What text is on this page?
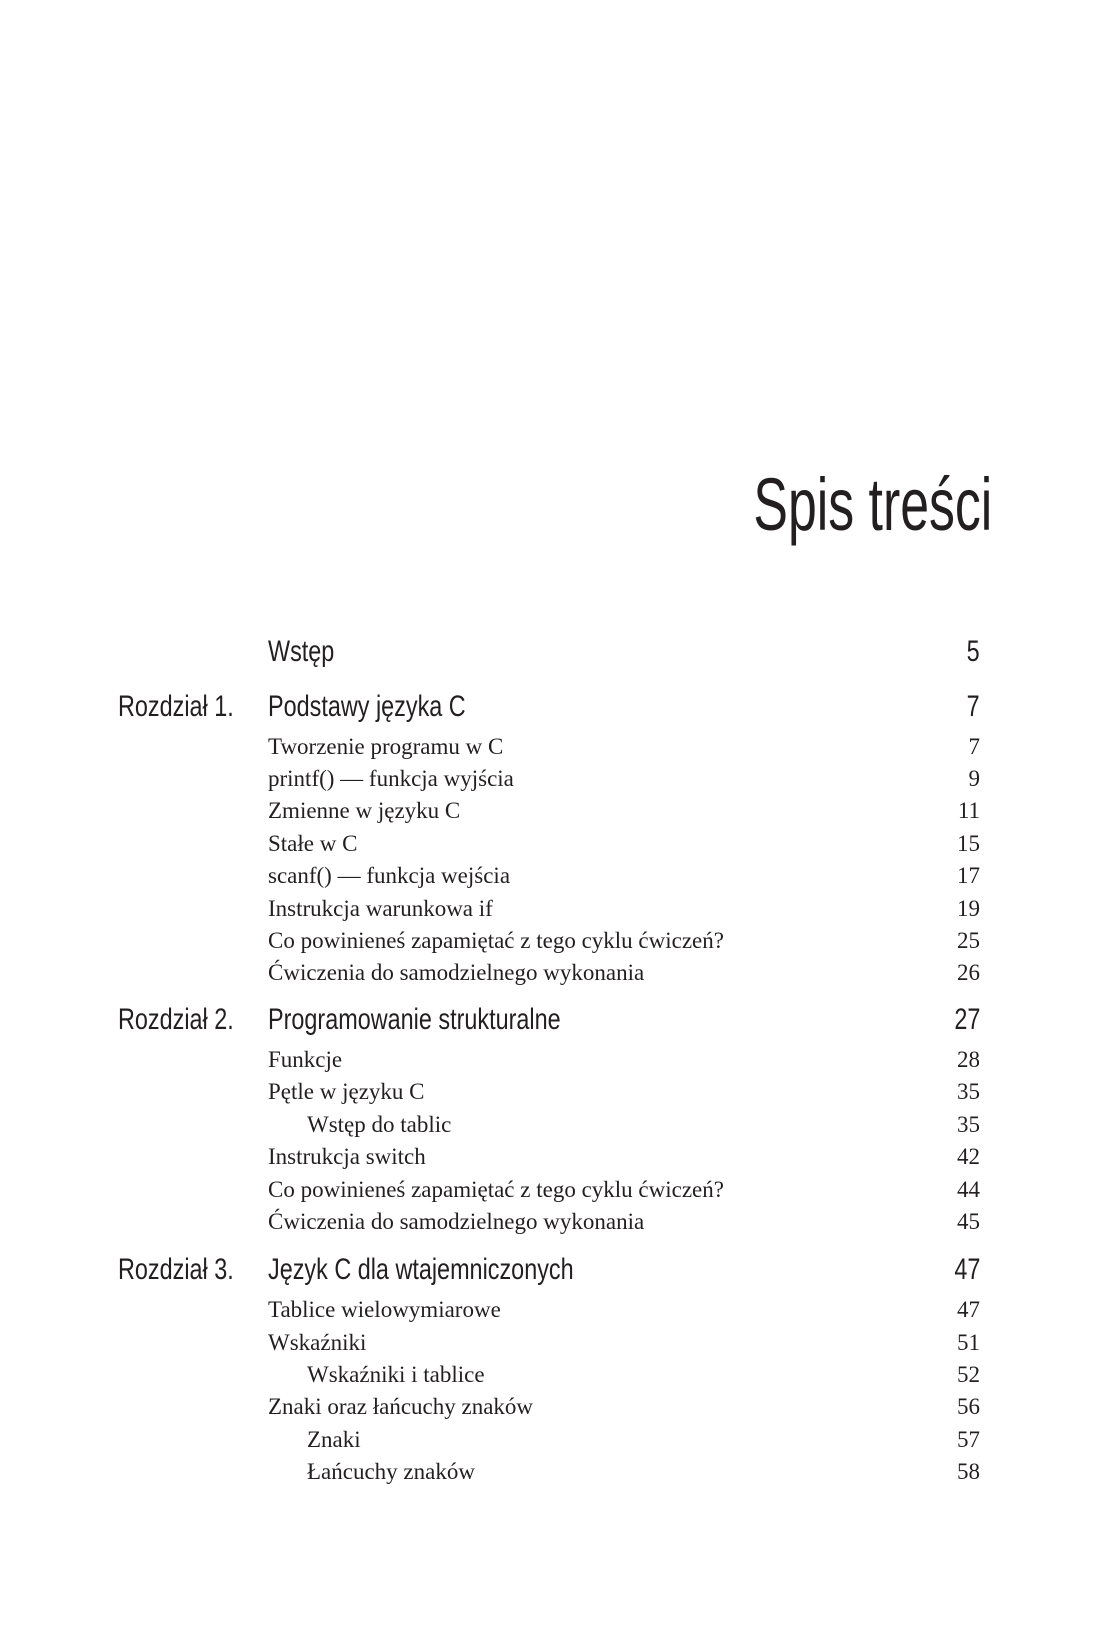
Spis treści
Wstęp	5
Rozdział 1. Podstawy języka C	7
Tworzenie programu w C	7
printf() — funkcja wyjścia	9
Zmienne w języku C	11
Stałe w C	15
scanf() — funkcja wejścia	17
Instrukcja warunkowa if	19
Co powinieneś zapamiętać z tego cyklu ćwiczeń?	25
Ćwiczenia do samodzielnego wykonania	26
Rozdział 2. Programowanie strukturalne	27
Funkcje	28
Pętle w języku C	35
Wstęp do tablic	35
Instrukcja switch	42
Co powinieneś zapamiętać z tego cyklu ćwiczeń?	44
Ćwiczenia do samodzielnego wykonania	45
Rozdział 3. Język C dla wtajemniczonych	47
Tablice wielowymiarowe	47
Wskaźniki	51
Wskaźniki i tablice	52
Znaki oraz łańcuchy znaków	56
Znaki	57
Łańcuchy znaków	58
